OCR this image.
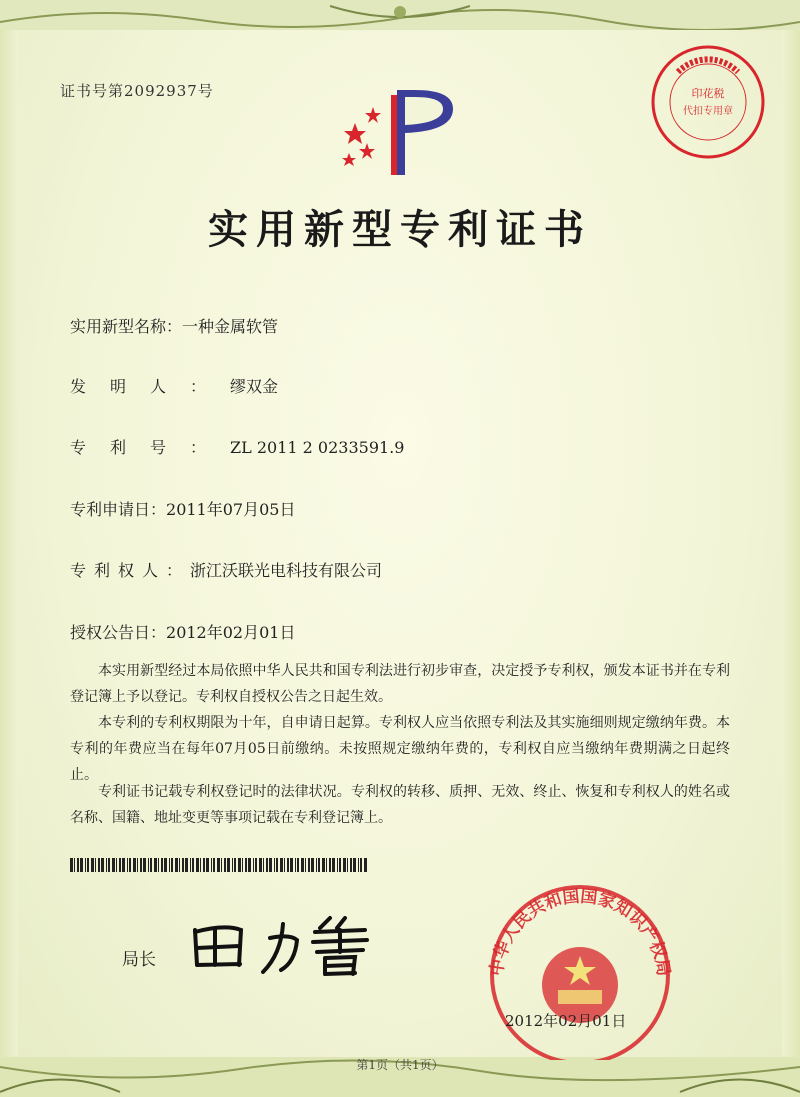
证书号第2092937号	印花税
代扣专用章
实用新型专利证书
实用新型名称：一种金属软管
发明人：缪双金
专利号：ZL 2011 2 0233591.9
专利申请日：2011年07月05日
专利权人：浙江沃联光电科技有限公司
授权公告日：2012年02月01日
本实用新型经过本局依照中华人民共和国专利法进行初步审查，决定授予专利权，颁发本证书并在专利登记簿上予以登记。专利权自授权公告之日起生效。
本专利的专利权期限为十年，自申请日起算。专利权人应当依照专利法及其实施细则规定缴纳年费。本专利的年费应当在每年07月05日前缴纳。未按照规定缴纳年费的，专利权自应当缴纳年费期满之日起终止。
专利证书记载专利权登记时的法律状况。专利权的转移、质押、无效、终止、恢复和专利权人的姓名或名称、国籍、地址变更等事项记载在专利登记簿上。
局长	中华人民共和国国家知识产权局
2012年02月01日
第1页（共1页）
